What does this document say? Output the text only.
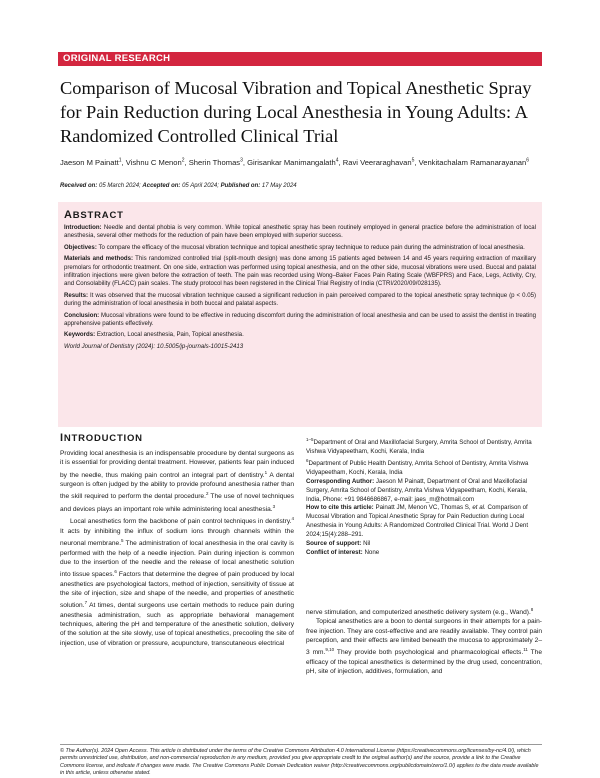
ORIGINAL RESEARCH
Comparison of Mucosal Vibration and Topical Anesthetic Spray for Pain Reduction during Local Anesthesia in Young Adults: A Randomized Controlled Clinical Trial
Jaeson M Painatt$^1$, Vishnu C Menon$^2$, Sherin Thomas$^3$, Girisankar Manimangalath$^4$, Ravi Veeraraghavan$^5$, Venkitachalam Ramanarayanan$^6$
Received on: 05 March 2024; Accepted on: 05 April 2024; Published on: 17 May 2024
ABSTRACT

Introduction: Needle and dental phobia is very common. While topical anesthetic spray has been routinely employed in general practice before the administration of local anesthesia, several other methods for the reduction of pain have been employed with superior success.

Objectives: To compare the efficacy of the mucosal vibration technique and topical anesthetic spray technique to reduce pain during the administration of local anesthesia.

Materials and methods: This randomized controlled trial (split-mouth design) was done among 15 patients aged between 14 and 45 years requiring extraction of maxillary premolars for orthodontic treatment. On one side, extraction was performed using topical anesthesia, and on the other side, mucosal vibrations were used. Buccal and palatal infiltration injections were given before the extraction of teeth. The pain was recorded using Wong–Baker Faces Pain Rating Scale (WBFPRS) and Face, Legs, Activity, Cry, and Consolability (FLACC) pain scales. The study protocol has been registered in the Clinical Trial Registry of India (CTRI/2020/09/028135).

Results: It was observed that the mucosal vibration technique caused a significant reduction in pain perceived compared to the topical anesthetic spray technique (p < 0.05) during the administration of local anesthesia in both buccal and palatal aspects.

Conclusion: Mucosal vibrations were found to be effective in reducing discomfort during the administration of local anesthesia and can be used to assist the dentist in treating apprehensive patients effectively.

Keywords: Extraction, Local anesthesia, Pain, Topical anesthesia.

World Journal of Dentistry (2024): 10.5005/jp-journals-10015-2413

INTRODUCTION

Providing local anesthesia is an indispensable procedure by dental surgeons as it is essential for providing dental treatment. However, patients fear pain induced by the needle, thus making pain control an integral part of dentistry.$^1$ A dental surgeon is often judged by the ability to provide profound anesthesia rather than the skill required to perform the dental procedure.$^2$ The use of novel techniques and devices plays an important role while administering local anesthesia.$^3$

Local anesthetics form the backbone of pain control techniques in dentistry.$^4$ It acts by inhibiting the influx of sodium ions through channels within the neuronal membrane.$^5$ The administration of local anesthesia in the oral cavity is performed with the help of a needle injection. Pain during injection is common due to the insertion of the needle and the release of local anesthetic solution into tissue spaces.$^6$ Factors that determine the degree of pain produced by local anesthetics are psychological factors, method of injection, sensitivity of tissue at the site of injection, size and shape of the needle, and properties of anesthetic solution.$^7$ At times, dental surgeons use certain methods to reduce pain during anesthesia administration, such as appropriate behavioral management techniques, altering the pH and temperature of the anesthetic solution, delivery of the solution at the site slowly, use of topical anesthetics, precooling the site of injection, use of vibration or pressure, acupuncture, transcutaneous electrical

$^{1-5}$Department of Oral and Maxillofacial Surgery, Amrita School of Dentistry, Amrita Vishwa Vidyapeetham, Kochi, Kerala, India
$^6$Department of Public Health Dentistry, Amrita School of Dentistry, Amrita Vishwa Vidyapeetham, Kochi, Kerala, India
Corresponding Author: Jaeson M Painatt, Department of Oral and Maxillofacial Surgery, Amrita School of Dentistry, Amrita Vishwa Vidyapeetham, Kochi, Kerala, India, Phone: +91 9846686867, e-mail: jaes_m@hotmail.com
How to cite this article: Painatt JM, Menon VC, Thomas S, et al. Comparison of Mucosal Vibration and Topical Anesthetic Spray for Pain Reduction during Local Anesthesia in Young Adults: A Randomized Controlled Clinical Trial. World J Dent 2024;15(4):288–291.
Source of support: Nil
Conflict of interest: None

nerve stimulation, and computerized anesthetic delivery system (e.g., Wand).$^8$

Topical anesthetics are a boon to dental surgeons in their attempts for a pain-free injection. They are cost-effective and are readily available. They control pain perception, and their effects are limited beneath the mucosa to approximately 2–3 mm.$^{9,10}$ They provide both psychological and pharmacological effects.$^{11}$ The efficacy of the topical anesthetics is determined by the drug used, concentration, pH, site of injection, additives, formulation, and

© The Author(s). 2024 Open Access. This article is distributed under the terms of the Creative Commons Attribution 4.0 International License (https://creativecommons.org/licenses/by-nc/4.0/), which permits unrestricted use, distribution, and non-commercial reproduction in any medium, provided you give appropriate credit to the original author(s) and the source, provide a link to the Creative Commons license, and indicate if changes were made. The Creative Commons Public Domain Dedication waiver (http://creativecommons.org/publicdomain/zero/1.0/) applies to the data made available in this article, unless otherwise stated.
